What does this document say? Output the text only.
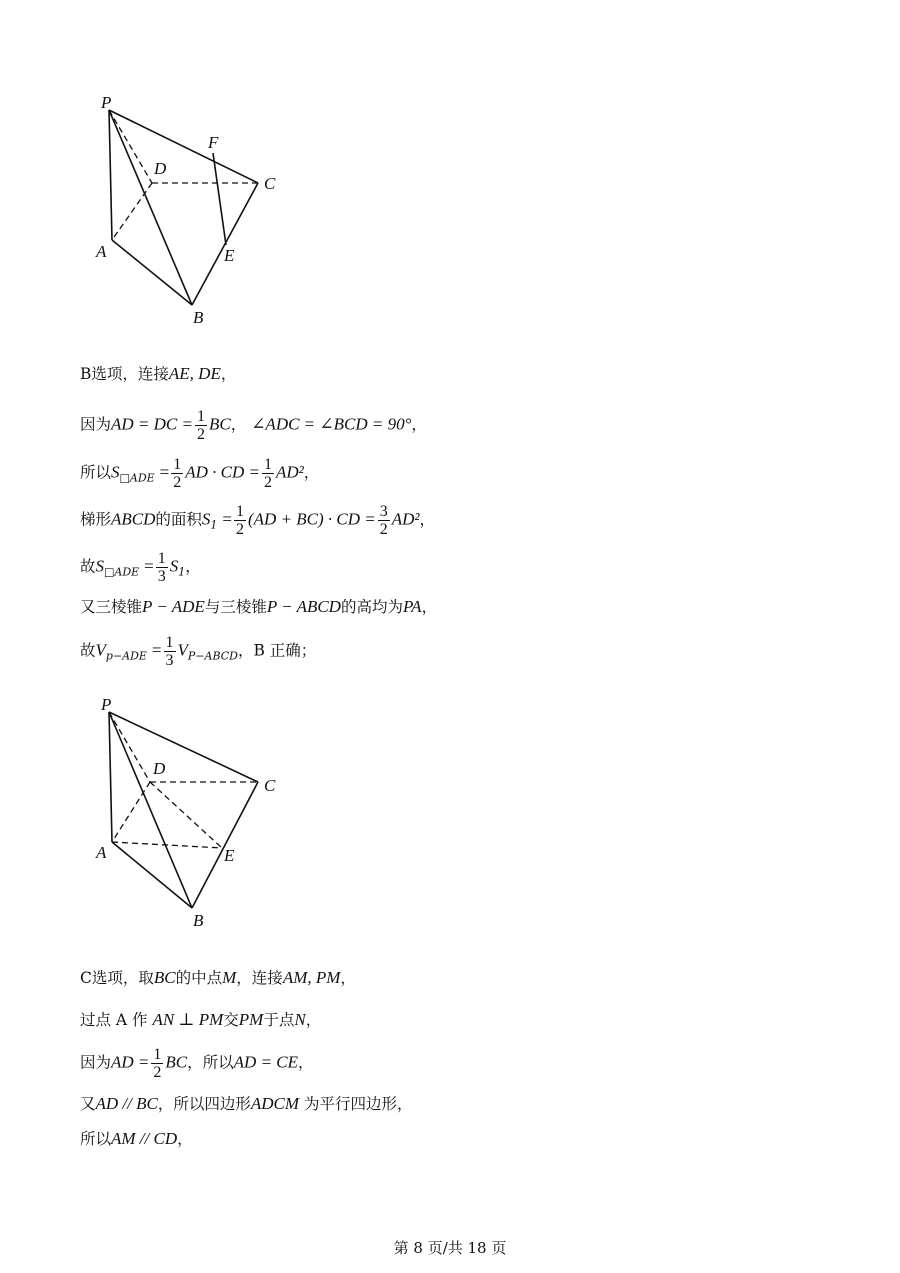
P
D
F
C
A	E
B
B选项，连接AE, DE，
因为AD = DC = $\frac{1}{2}$ BC， ∠ADC = ∠BCD = 90°，
所以$S_{□ADE} = \frac{1}{2}$ AD · CD = $\frac{1}{2} AD^2$，
梯形ABCD的面积$S_1 = \frac{1}{2} (AD + BC)$ · CD = $\frac{3}{2} AD^2$，
故$S_{□ADE} = \frac{1}{3} S_1$，
又三棱锥P − ADE与三棱锥P − ABCD的高均为PA，
故$V_{p-ADE} = \frac{1}{3} V_{P-ABCD}$，B 正确；
P
D
C
A	E
B
C选项，取BC的中点M，连接AM, PM，
过点 A 作 AN ⊥ PM交PM于点N，
因为AD = $\frac{1}{2}$ BC，所以AD = CE，
又AD // BC，所以四边形ADCM 为平行四边形，
所以AM // CD，
第 8 页/共 18 页
